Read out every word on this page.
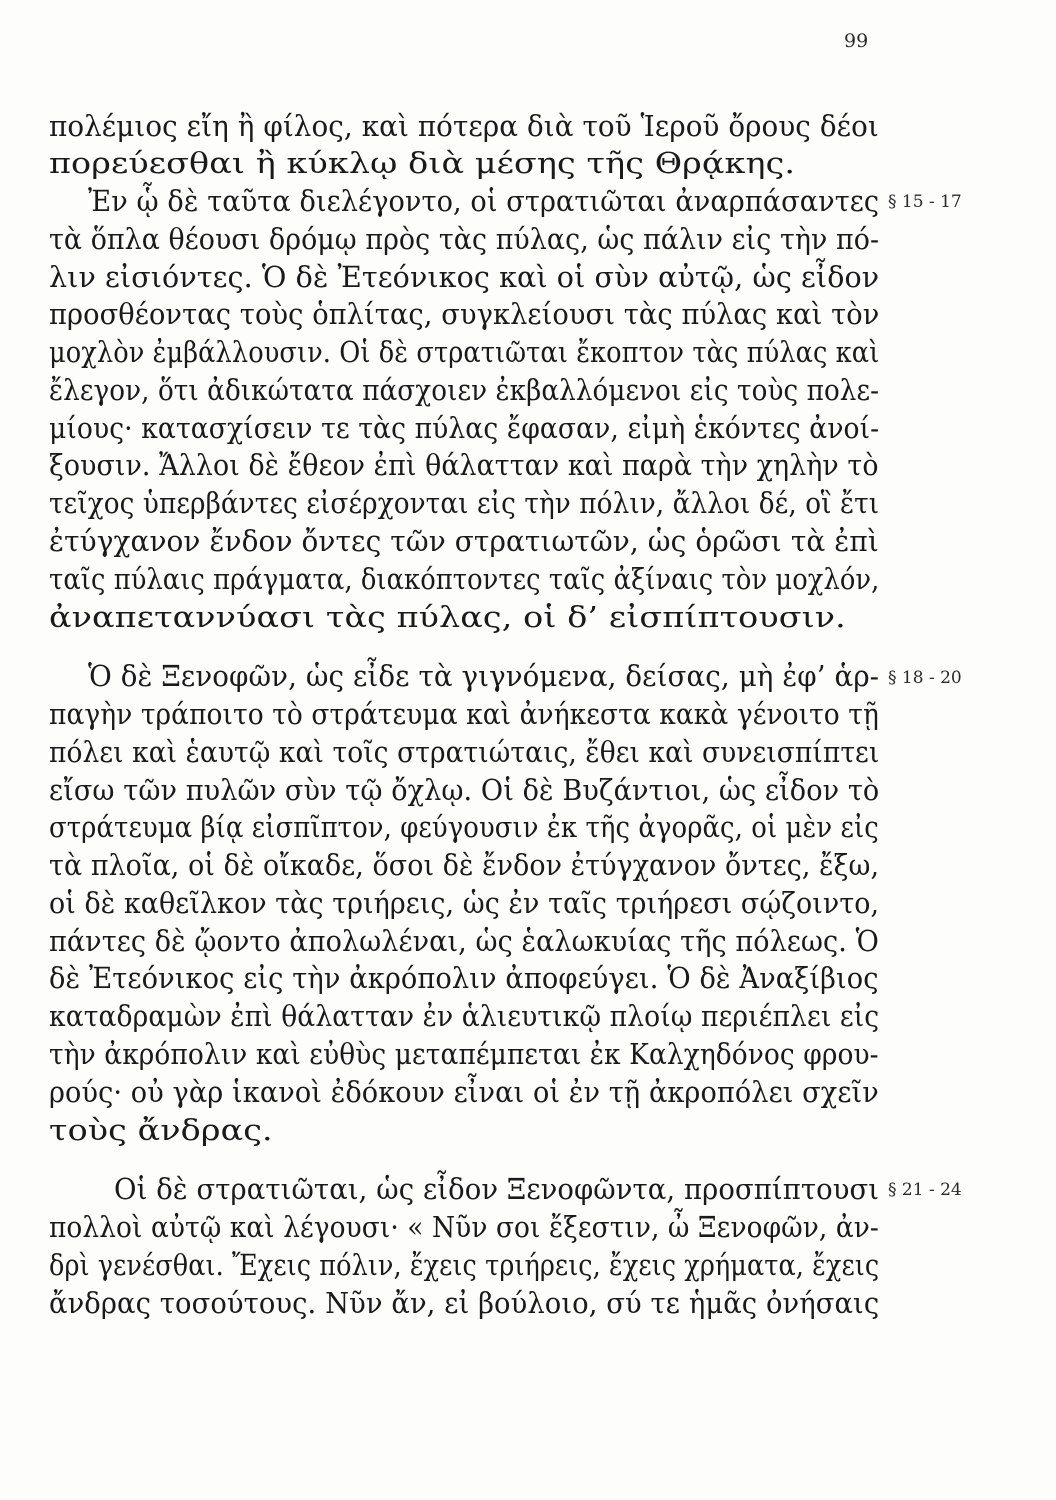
99
πολέμιος εἴη ἢ φίλος, καὶ πότερα διὰ τοῦ Ἱεροῦ ὄρους δέοι
πορεύεσθαι ἢ κύκλῳ διὰ μέσης τῆς Θρᾴκης.
Ἐν ᾧ δὲ ταῦτα διελέγοντο, οἱ στρατιῶται ἀναρπάσαντες
τὰ ὅπλα θέουσι δρόμῳ πρὸς τὰς πύλας, ὡς πάλιν εἰς τὴν πό-
λιν εἰσιόντες. Ὁ δὲ Ἐτεόνικος καὶ οἱ σὺν αὐτῷ, ὡς εἶδον
προσθέοντας τοὺς ὁπλίτας, συγκλείουσι τὰς πύλας καὶ τὸν
μοχλὸν ἐμβάλλουσιν. Οἱ δὲ στρατιῶται ἔκοπτον τὰς πύλας καὶ
ἔλεγον, ὅτι ἀδικώτατα πάσχοιεν ἐκβαλλόμενοι εἰς τοὺς πολε-
μίους· κατασχίσειν τε τὰς πύλας ἔφασαν, εἰμὴ ἑκόντες ἀνοί-
ξουσιν. Ἄλλοι δὲ ἔθεον ἐπὶ θάλατταν καὶ παρὰ τὴν χηλὴν τὸ
τεῖχος ὑπερβάντες εἰσέρχονται εἰς τὴν πόλιν, ἄλλοι δέ, οἳ ἔτι
ἐτύγχανον ἔνδον ὄντες τῶν στρατιωτῶν, ὡς ὁρῶσι τὰ ἐπὶ
ταῖς πύλαις πράγματα, διακόπτοντες ταῖς ἀξίναις τὸν μοχλόν,
ἀναπεταννύασι τὰς πύλας, οἱ δ’ εἰσπίπτουσιν.
Ὁ δὲ Ξενοφῶν, ὡς εἶδε τὰ γιγνόμενα, δείσας, μὴ ἐφ’ ἁρ-
παγὴν τράποιτο τὸ στράτευμα καὶ ἀνήκεστα κακὰ γένοιτο τῇ
πόλει καὶ ἑαυτῷ καὶ τοῖς στρατιώταις, ἔθει καὶ συνεισπίπτει
εἴσω τῶν πυλῶν σὺν τῷ ὄχλῳ. Οἱ δὲ Βυζάντιοι, ὡς εἶδον τὸ
στράτευμα βίᾳ εἰσπῖπτον, φεύγουσιν ἐκ τῆς ἀγορᾶς, οἱ μὲν εἰς
τὰ πλοῖα, οἱ δὲ οἴκαδε, ὅσοι δὲ ἔνδον ἐτύγχανον ὄντες, ἔξω,
οἱ δὲ καθεῖλκον τὰς τριήρεις, ὡς ἐν ταῖς τριήρεσι σῴζοιντο,
πάντες δὲ ᾤοντο ἀπολωλέναι, ὡς ἑαλωκυίας τῆς πόλεως. Ὁ
δὲ Ἐτεόνικος εἰς τὴν ἀκρόπολιν ἀποφεύγει. Ὁ δὲ Ἀναξίβιος
καταδραμὼν ἐπὶ θάλατταν ἐν ἁλιευτικῷ πλοίῳ περιέπλει εἰς
τὴν ἀκρόπολιν καὶ εὐθὺς μεταπέμπεται ἐκ Καλχηδόνος φρου-
ρούς· οὐ γὰρ ἱκανοὶ ἐδόκουν εἶναι οἱ ἐν τῇ ἀκροπόλει σχεῖν
τοὺς ἄνδρας.
Οἱ δὲ στρατιῶται, ὡς εἶδον Ξενοφῶντα, προσπίπτουσι
πολλοὶ αὐτῷ καὶ λέγουσι· « Νῦν σοι ἔξεστιν, ὦ Ξενοφῶν, ἀν-
δρὶ γενέσθαι. Ἔχεις πόλιν, ἔχεις τριήρεις, ἔχεις χρήματα, ἔχεις
ἄνδρας τοσούτους. Νῦν ἄν, εἰ βούλοιο, σύ τε ἡμᾶς ὀνήσαις
§ 15 - 17
§ 18 - 20
§ 21 - 24
